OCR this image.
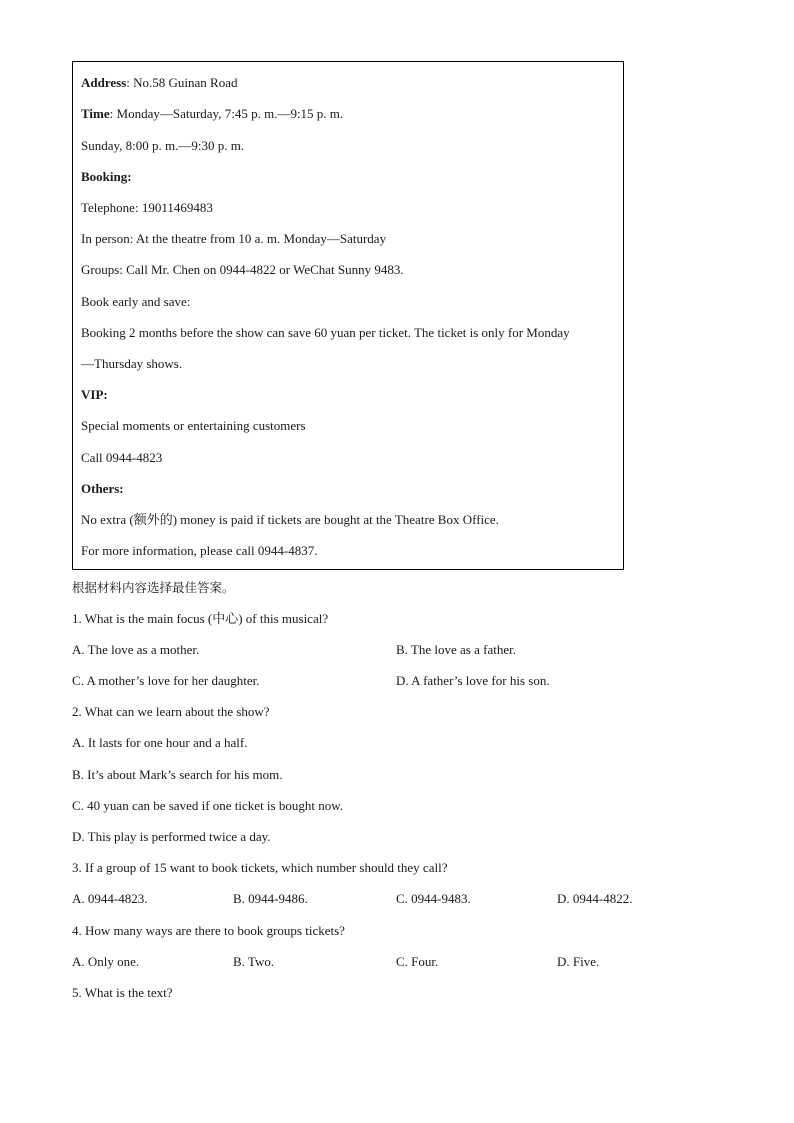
Address: No.58 Guinan Road
Time: Monday—Saturday, 7:45 p. m.—9:15 p. m.
Sunday, 8:00 p. m.—9:30 p. m.
Booking:
Telephone: 19011469483
In person: At the theatre from 10 a. m. Monday—Saturday
Groups: Call Mr. Chen on 0944-4822 or WeChat Sunny 9483.
Book early and save:
Booking 2 months before the show can save 60 yuan per ticket. The ticket is only for Monday
—Thursday shows.
VIP:
Special moments or entertaining customers
Call 0944-4823
Others:
No extra (额外的) money is paid if tickets are bought at the Theatre Box Office.
For more information, please call 0944-4837.
根据材料内容选择最佳答案。
1. What is the main focus (中心) of this musical?
A. The love as a mother.	B. The love as a father.
C. A mother’s love for her daughter.	D. A father’s love for his son.
2. What can we learn about the show?
A. It lasts for one hour and a half.
B. It’s about Mark’s search for his mom.
C. 40 yuan can be saved if one ticket is bought now.
D. This play is performed twice a day.
3. If a group of 15 want to book tickets, which number should they call?
A. 0944-4823.	B. 0944-9486.	C. 0944-9483.	D. 0944-4822.
4. How many ways are there to book groups tickets?
A. Only one.	B. Two.	C. Four.	D. Five.
5. What is the text?
